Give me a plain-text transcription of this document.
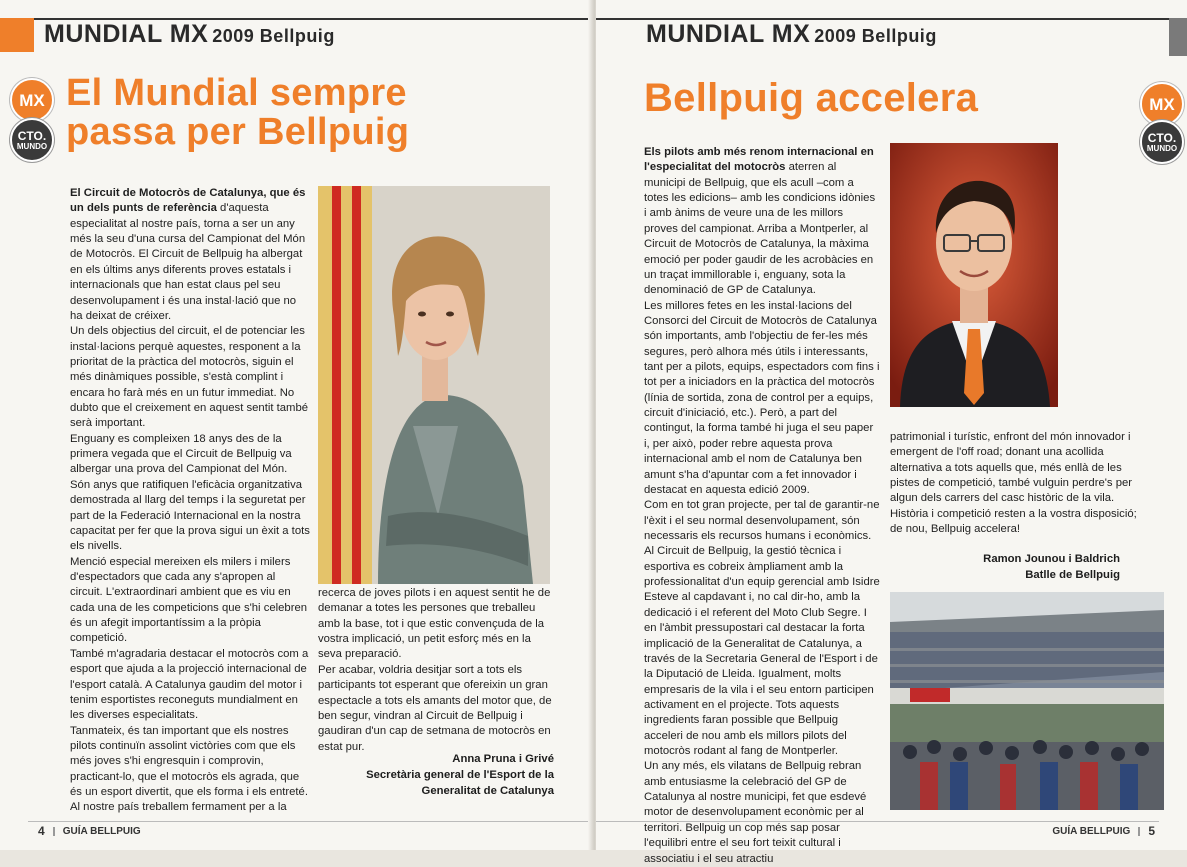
MUNDIAL MX 2009 Bellpuig
MX
CTO.
MUNDO
El Mundial sempre
passa per Bellpuig

El Circuit de Motocròs de Catalunya, que és un dels punts de referència d'aquesta especialitat al nostre país, torna a ser un any més la seu d'una cursa del Campionat del Món de Motocròs. El Circuit de Bellpuig ha albergat en els últims anys diferents proves estatals i internacionals que han estat claus pel seu desenvolupament i és una instal·lació que no ha deixat de créixer.

Un dels objectius del circuit, el de potenciar les instal·lacions perquè aquestes, responent a la prioritat de la pràctica del motocròs, siguin el més dinàmiques possible, s'està complint i encara ho farà més en un futur immediat. No dubto que el creixement en aquest sentit també serà important.

Enguany es compleixen 18 anys des de la primera vegada que el Circuit de Bellpuig va albergar una prova del Campionat del Món. Són anys que ratifiquen l'eficàcia organitzativa demostrada al llarg del temps i la seguretat per part de la Federació Internacional en la nostra capacitat per fer que la prova sigui un èxit a tots els nivells.

Menció especial mereixen els milers i milers d'espectadors que cada any s'apropen al circuit. L'extraordinari ambient que es viu en cada una de les competicions que s'hi celebren és un afegit importantíssim a la pròpia competició.

També m'agradaria destacar el motocròs com a esport que ajuda a la projecció internacional de l'esport català. A Catalunya gaudim del motor i tenim esportistes reconeguts mundialment en les diverses especialitats.

Tanmateix, és tan important que els nostres pilots continuïn assolint victòries com que els més joves s'hi engresquin i comprovin, practicant-lo, que el motocròs els agrada, que és un esport divertit, que els forma i els entreté. Al nostre país treballem fermament per a la

recerca de joves pilots i en aquest sentit he de demanar a totes les persones que treballeu amb la base, tot i que estic convençuda de la vostra implicació, un petit esforç més en la seva preparació.

Per acabar, voldria desitjar sort a tots els participants tot esperant que ofereixin un gran espectacle a tots els amants del motor que, de ben segur, vindran al Circuit de Bellpuig i gaudiran d'un cap de setmana de motocròs en estat pur.

Anna Pruna i Grivé
Secretària general de l'Esport de la
Generalitat de Catalunya
4 GUÍA BELLPUIG
MUNDIAL MX 2009 Bellpuig
Bellpuig accelera	MX
CTO.
MUNDO

Els pilots amb més renom internacional en l'especialitat del motocròs aterren al municipi de Bellpuig, que els acull –com a totes les edicions– amb les condicions idònies i amb ànims de veure una de les millors proves del campionat. Arriba a Montperler, al Circuit de Motocròs de Catalunya, la màxima emoció per poder gaudir de les acrobàcies en un traçat immillorable i, enguany, sota la denominació de GP de Catalunya.

Les millores fetes en les instal·lacions del Consorci del Circuit de Motocròs de Catalunya són importants, amb l'objectiu de fer-les més segures, però alhora més útils i interessants, tant per a pilots, equips, espectadors com fins i tot per a iniciadors en la pràctica del motocròs (línia de sortida, zona de control per a equips, circuit d'iniciació, etc.). Però, a part del contingut, la forma també hi juga el seu paper i, per això, poder rebre aquesta prova internacional amb el nom de Catalunya ben amunt s'ha d'apuntar com a fet innovador i destacat en aquesta edició 2009.

Com en tot gran projecte, per tal de garantir-ne l'èxit i el seu normal desenvolupament, són necessaris els recursos humans i econòmics. Al Circuit de Bellpuig, la gestió tècnica i esportiva es cobreix àmpliament amb la professionalitat d'un equip gerencial amb Isidre Esteve al capdavant i, no cal dir-ho, amb la dedicació i el referent del Moto Club Segre. I en l'àmbit pressupostari cal destacar la forta implicació de la Generalitat de Catalunya, a través de la Secretaria General de l'Esport i de la Diputació de Lleida. Igualment, molts empresaris de la vila i el seu entorn participen activament en el projecte. Tots aquests ingredients faran possible que Bellpuig acceleri de nou amb els millors pilots del motocròs rodant al fang de Montperler.

Un any més, els vilatans de Bellpuig rebran amb entusiasme la celebració del GP de Catalunya al nostre municipi, fet que esdevé motor de desenvolupament econòmic per al territori. Bellpuig un cop més sap posar l'equilibri entre el seu fort teixit cultural i associatiu i el seu atractiu

patrimonial i turístic, enfront del món innovador i emergent de l'off road; donant una acollida alternativa a tots aquells que, més enllà de les pistes de competició, també vulguin perdre's per algun dels carrers del casc històric de la vila. Història i competició resten a la vostra disposició; de nou, Bellpuig accelera!

Ramon Jounou i Baldrich
Batlle de Bellpuig
GUÍA BELLPUIG 5
